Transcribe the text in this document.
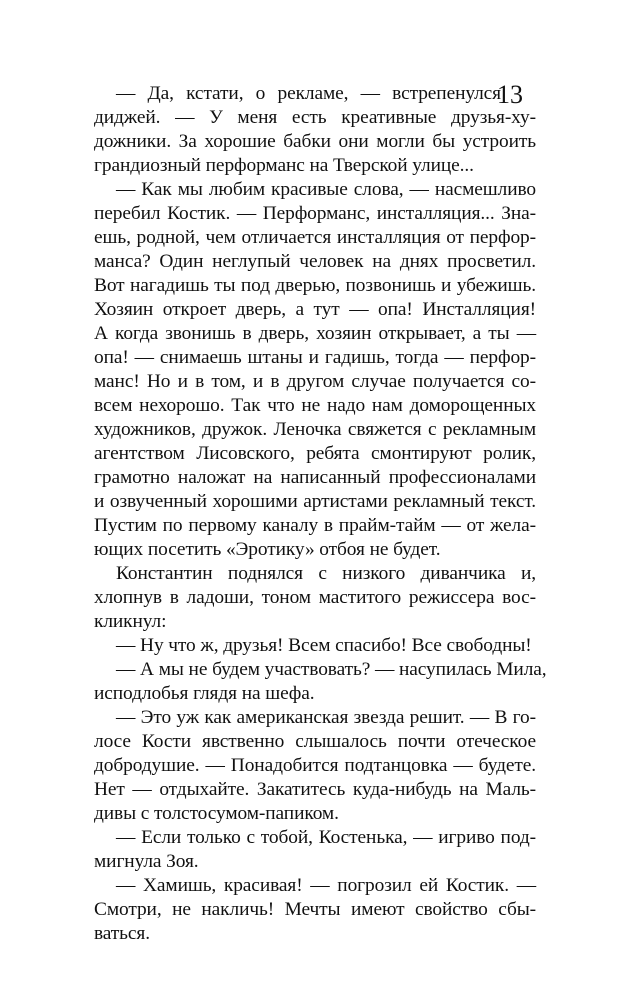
13
— Да, кстати, о рекламе, — встрепенулся
диджей. — У меня есть креативные друзья-ху-
дожники. За хорошие бабки они могли бы устроить
грандиозный перформанс на Тверской улице...
— Как мы любим красивые слова, — насмешливо
перебил Костик. — Перформанс, инсталляция... Зна-
ешь, родной, чем отличается инсталляция от перфор-
манса? Один неглупый человек на днях просветил.
Вот нагадишь ты под дверью, позвонишь и убежишь.
Хозяин откроет дверь, а тут — опа! Инсталляция!
А когда звонишь в дверь, хозяин открывает, а ты —
опа! — снимаешь штаны и гадишь, тогда — перфор-
манс! Но и в том, и в другом случае получается со-
всем нехорошо. Так что не надо нам доморощенных
художников, дружок. Леночка свяжется с рекламным
агентством Лисовского, ребята смонтируют ролик,
грамотно наложат на написанный профессионалами
и озвученный хорошими артистами рекламный текст.
Пустим по первому каналу в прайм-тайм — от жела-
ющих посетить «Эротику» отбоя не будет.
Константин поднялся с низкого диванчика и,
хлопнув в ладоши, тоном маститого режиссера вос-
кликнул:
— Ну что ж, друзья! Всем спасибо! Все свободны!
— А мы не будем участвовать? — насупилась Мила,
исподлобья глядя на шефа.
— Это уж как американская звезда решит. — В го-
лосе Кости явственно слышалось почти отеческое
добродушие. — Понадобится подтанцовка — будете.
Нет — отдыхайте. Закатитесь куда-нибудь на Маль-
дивы с толстосумом-папиком.
— Если только с тобой, Костенька, — игриво под-
мигнула Зоя.
— Хамишь, красивая! — погрозил ей Костик. —
Смотри, не накличь! Мечты имеют свойство сбы-
ваться.
